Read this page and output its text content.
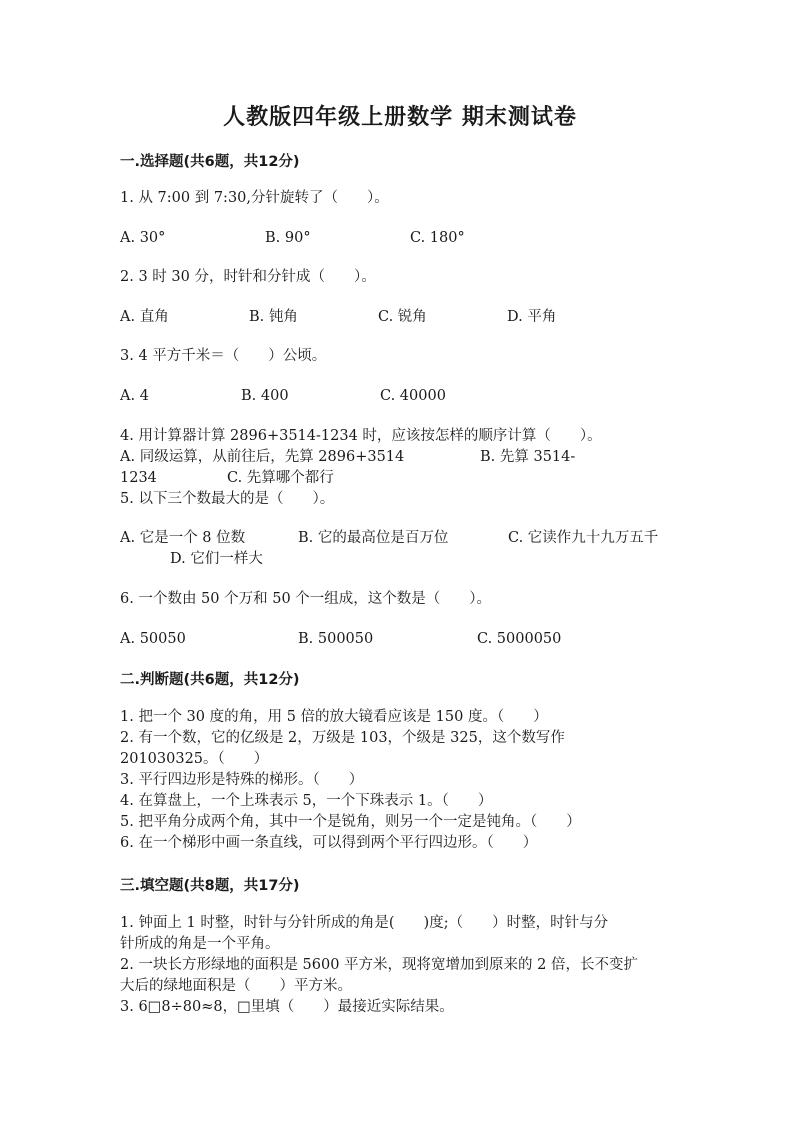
人教版四年级上册数学 期末测试卷
一.选择题(共6题，共12分)
1. 从 7:00 到 7:30,分针旋转了（　　）。
A. 30°	B. 90°	C. 180°
2. 3 时 30 分，时针和分针成（　　）。
A. 直角	B. 钝角	C. 锐角	D. 平角
3. 4 平方千米＝（　　）公顷。
A. 4	B. 400	C. 40000
4. 用计算器计算 2896+3514-1234 时，应该按怎样的顺序计算（　　）。
A. 同级运算，从前往后，先算 2896+3514	B. 先算 3514-
1234	C. 先算哪个都行
5. 以下三个数最大的是（　　）。
A. 它是一个 8 位数	B. 它的最高位是百万位	C. 它读作九十九万五千
D. 它们一样大
6. 一个数由 50 个万和 50 个一组成，这个数是（　　）。
A. 50050	B. 500050	C. 5000050
二.判断题(共6题，共12分)
1. 把一个 30 度的角，用 5 倍的放大镜看应该是 150 度。（　　）
2. 有一个数，它的亿级是 2，万级是 103，个级是 325，这个数写作
201030325。（　　）
3. 平行四边形是特殊的梯形。（　　）
4. 在算盘上，一个上珠表示 5，一个下珠表示 1。（　　）
5. 把平角分成两个角，其中一个是锐角，则另一个一定是钝角。（　　）
6. 在一个梯形中画一条直线，可以得到两个平行四边形。（　　）
三.填空题(共8题，共17分)
1. 钟面上 1 时整，时针与分针所成的角是(　　)度;（　　）时整，时针与分
针所成的角是一个平角。
2. 一块长方形绿地的面积是 5600 平方米，现将宽增加到原来的 2 倍，长不变扩
大后的绿地面积是（　　）平方米。
3. 6□8÷80≈8，□里填（　　）最接近实际结果。
